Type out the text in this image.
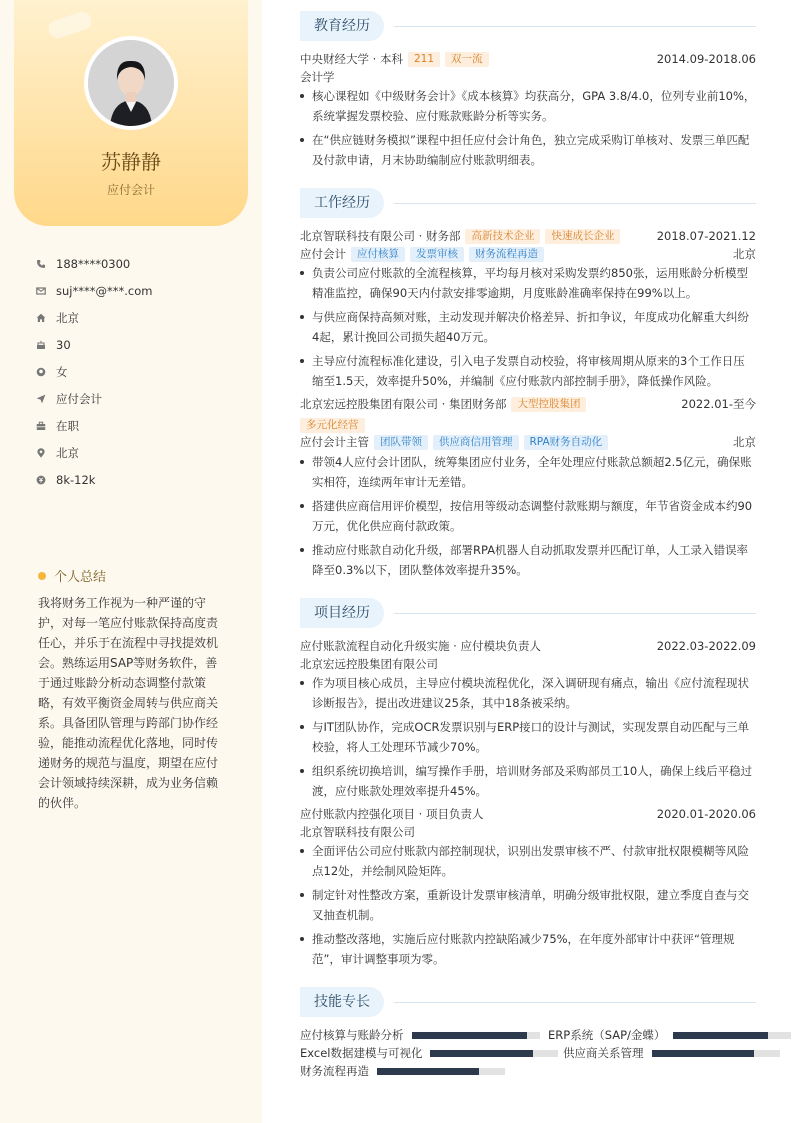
苏静静
应付会计
188****0300
suj****@***.com
北京
30
女
应付会计
在职
北京
8k-12k
个人总结
我将财务工作视为一种严谨的守护，对每一笔应付账款保持高度责任心，并乐于在流程中寻找提效机会。熟练运用SAP等财务软件，善于通过账龄分析动态调整付款策略，有效平衡资金周转与供应商关系。具备团队管理与跨部门协作经验，能推动流程优化落地，同时传递财务的规范与温度，期望在应付会计领域持续深耕，成为业务信赖的伙伴。
教育经历
中央财经大学 · 本科	211	双一流	2014.09-2018.06
会计学
核心课程如《中级财务会计》《成本核算》均获高分，GPA 3.8/4.0，位列专业前10%，系统掌握发票校验、应付账款账龄分析等实务。
在“供应链财务模拟”课程中担任应付会计角色，独立完成采购订单核对、发票三单匹配及付款申请，月末协助编制应付账款明细表。
工作经历
北京智联科技有限公司 · 财务部	高新技术企业	快速成长企业	2018.07-2021.12
应付会计	应付核算	发票审核	财务流程再造	北京
负责公司应付账款的全流程核算，平均每月核对采购发票约850张，运用账龄分析模型精准监控，确保90天内付款安排零逾期，月度账龄准确率保持在99%以上。
与供应商保持高频对账，主动发现并解决价格差异、折扣争议，年度成功化解重大纠纷4起，累计挽回公司损失超40万元。
主导应付流程标准化建设，引入电子发票自动校验，将审核周期从原来的3个工作日压缩至1.5天，效率提升50%，并编制《应付账款内部控制手册》，降低操作风险。
北京宏远控股集团有限公司 · 集团财务部	大型控股集团	2022.01-至今
多元化经营
应付会计主管	团队带领	供应商信用管理	RPA财务自动化	北京
带领4人应付会计团队，统筹集团应付业务，全年处理应付账款总额超2.5亿元，确保账实相符，连续两年审计无差错。
搭建供应商信用评价模型，按信用等级动态调整付款账期与额度，年节省资金成本约90万元，优化供应商付款政策。
推动应付账款自动化升级，部署RPA机器人自动抓取发票并匹配订单，人工录入错误率降至0.3%以下，团队整体效率提升35%。
项目经历
应付账款流程自动化升级实施 · 应付模块负责人	2022.03-2022.09
北京宏远控股集团有限公司
作为项目核心成员，主导应付模块流程优化，深入调研现有痛点，输出《应付流程现状诊断报告》，提出改进建议25条，其中18条被采纳。
与IT团队协作，完成OCR发票识别与ERP接口的设计与测试，实现发票自动匹配与三单校验，将人工处理环节减少70%。
组织系统切换培训，编写操作手册，培训财务部及采购部员工10人，确保上线后平稳过渡，应付账款处理效率提升45%。
应付账款内控强化项目 · 项目负责人	2020.01-2020.06
北京智联科技有限公司
全面评估公司应付账款内部控制现状，识别出发票审核不严、付款审批权限模糊等风险点12处，并绘制风险矩阵。
制定针对性整改方案，重新设计发票审核清单，明确分级审批权限，建立季度自查与交叉抽查机制。
推动整改落地，实施后应付账款内控缺陷减少75%，在年度外部审计中获评“管理规范”，审计调整事项为零。
技能专长
应付核算与账龄分析	ERP系统（SAP/金蝶）
Excel数据建模与可视化	供应商关系管理
财务流程再造
